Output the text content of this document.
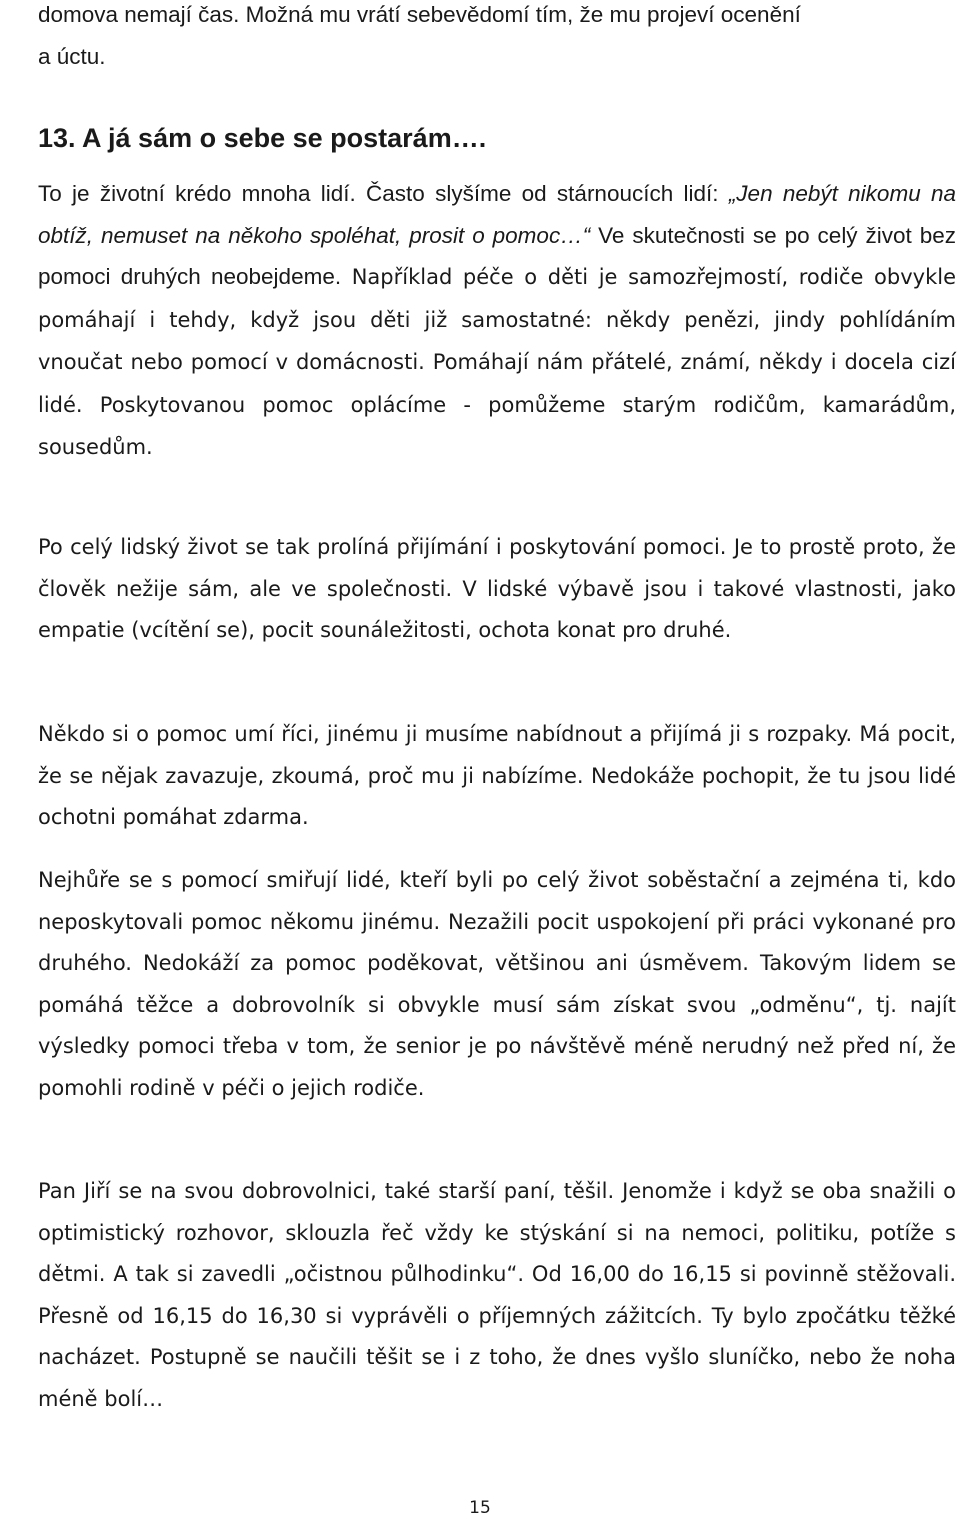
domova nemají čas. Možná mu vrátí sebevědomí tím, že mu projeví ocenění
a úctu.
13. A já sám o sebe se postarám….

To je životní krédo mnoha lidí. Často slyšíme od stárnoucích lidí: „Jen nebýt nikomu na obtíž, nemuset na někoho spoléhat, prosit o pomoc…“ Ve skutečnosti se po celý život bez pomoci druhých neobejdeme. Například péče o děti je samozřejmostí, rodiče obvykle pomáhají i tehdy, když jsou děti již samostatné: někdy penězi, jindy pohlídáním vnoučat nebo pomocí v domácnosti. Pomáhají nám přátelé, známí, někdy i docela cizí lidé. Poskytovanou pomoc oplácíme - pomůžeme starým rodičům, kamarádům, sousedům.

Po celý lidský život se tak prolíná přijímání i poskytování pomoci. Je to prostě proto, že člověk nežije sám, ale ve společnosti. V lidské výbavě jsou i takové vlastnosti, jako empatie (vcítění se), pocit sounáležitosti, ochota konat pro druhé.

Někdo si o pomoc umí říci, jinému ji musíme nabídnout a přijímá ji s rozpaky. Má pocit, že se nějak zavazuje, zkoumá, proč mu ji nabízíme. Nedokáže pochopit, že tu jsou lidé ochotni pomáhat zdarma.

Nejhůře se s pomocí smiřují lidé, kteří byli po celý život soběstační a zejména ti, kdo neposkytovali pomoc někomu jinému. Nezažili pocit uspokojení při práci vykonané pro druhého. Nedokáží za pomoc poděkovat, většinou ani úsměvem. Takovým lidem se pomáhá těžce a dobrovolník si obvykle musí sám získat svou „odměnu“, tj. najít výsledky pomoci třeba v tom, že senior je po návštěvě méně nerudný než před ní, že pomohli rodině v péči o jejich rodiče.

Pan Jiří se na svou dobrovolnici, také starší paní, těšil. Jenomže i když se oba snažili o optimistický rozhovor, sklouzla řeč vždy ke stýskání si na nemoci, politiku, potíže s dětmi. A tak si zavedli „očistnou půlhodinku“. Od 16,00 do 16,15 si povinně stěžovali. Přesně od 16,15 do 16,30 si vyprávěli o příjemných zážitcích. Ty bylo zpočátku těžké nacházet. Postupně se naučili těšit se i z toho, že dnes vyšlo sluníčko, nebo že noha méně bolí…

15
